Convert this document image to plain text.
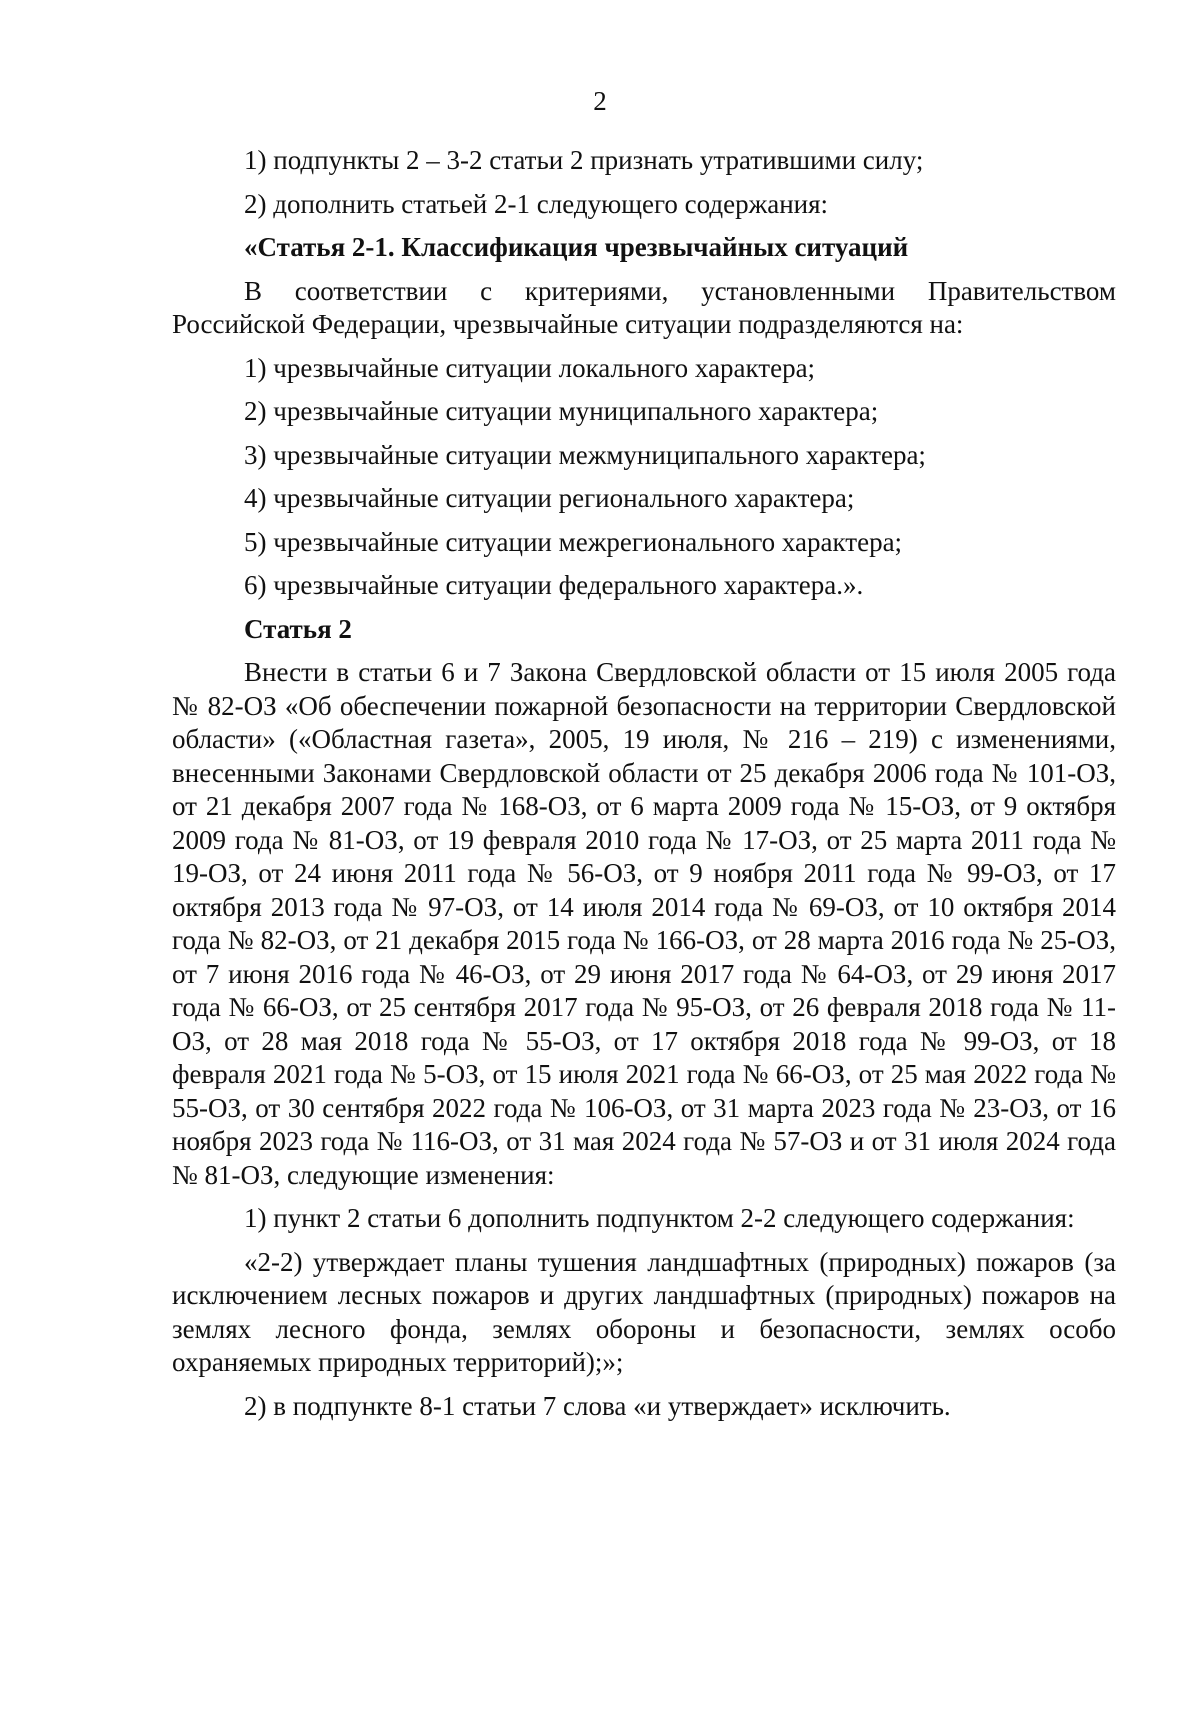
2

1) подпункты 2 – 3-2 статьи 2 признать утратившими силу;

2) дополнить статьей 2-1 следующего содержания:

«Статья 2-1. Классификация чрезвычайных ситуаций

В соответствии с критериями, установленными Правительством Российской Федерации, чрезвычайные ситуации подразделяются на:

1) чрезвычайные ситуации локального характера;

2) чрезвычайные ситуации муниципального характера;

3) чрезвычайные ситуации межмуниципального характера;

4) чрезвычайные ситуации регионального характера;

5) чрезвычайные ситуации межрегионального характера;

6) чрезвычайные ситуации федерального характера.».

Статья 2

Внести в статьи 6 и 7 Закона Свердловской области от 15 июля 2005 года № 82-ОЗ «Об обеспечении пожарной безопасности на территории Свердловской области» («Областная газета», 2005, 19 июля, № 216 – 219) с изменениями, внесенными Законами Свердловской области от 25 декабря 2006 года № 101-ОЗ, от 21 декабря 2007 года № 168-ОЗ, от 6 марта 2009 года № 15-ОЗ, от 9 октября 2009 года № 81-ОЗ, от 19 февраля 2010 года № 17-ОЗ, от 25 марта 2011 года № 19-ОЗ, от 24 июня 2011 года № 56-ОЗ, от 9 ноября 2011 года № 99-ОЗ, от 17 октября 2013 года № 97-ОЗ, от 14 июля 2014 года № 69-ОЗ, от 10 октября 2014 года № 82-ОЗ, от 21 декабря 2015 года № 166-ОЗ, от 28 марта 2016 года № 25-ОЗ, от 7 июня 2016 года № 46-ОЗ, от 29 июня 2017 года № 64-ОЗ, от 29 июня 2017 года № 66-ОЗ, от 25 сентября 2017 года № 95-ОЗ, от 26 февраля 2018 года № 11-ОЗ, от 28 мая 2018 года № 55-ОЗ, от 17 октября 2018 года № 99-ОЗ, от 18 февраля 2021 года № 5-ОЗ, от 15 июля 2021 года № 66-ОЗ, от 25 мая 2022 года № 55-ОЗ, от 30 сентября 2022 года № 106-ОЗ, от 31 марта 2023 года № 23-ОЗ, от 16 ноября 2023 года № 116-ОЗ, от 31 мая 2024 года № 57-ОЗ и от 31 июля 2024 года № 81-ОЗ, следующие изменения:

1) пункт 2 статьи 6 дополнить подпунктом 2-2 следующего содержания:

«2-2) утверждает планы тушения ландшафтных (природных) пожаров (за исключением лесных пожаров и других ландшафтных (природных) пожаров на землях лесного фонда, землях обороны и безопасности, землях особо охраняемых природных территорий);»;

2) в подпункте 8-1 статьи 7 слова «и утверждает» исключить.
